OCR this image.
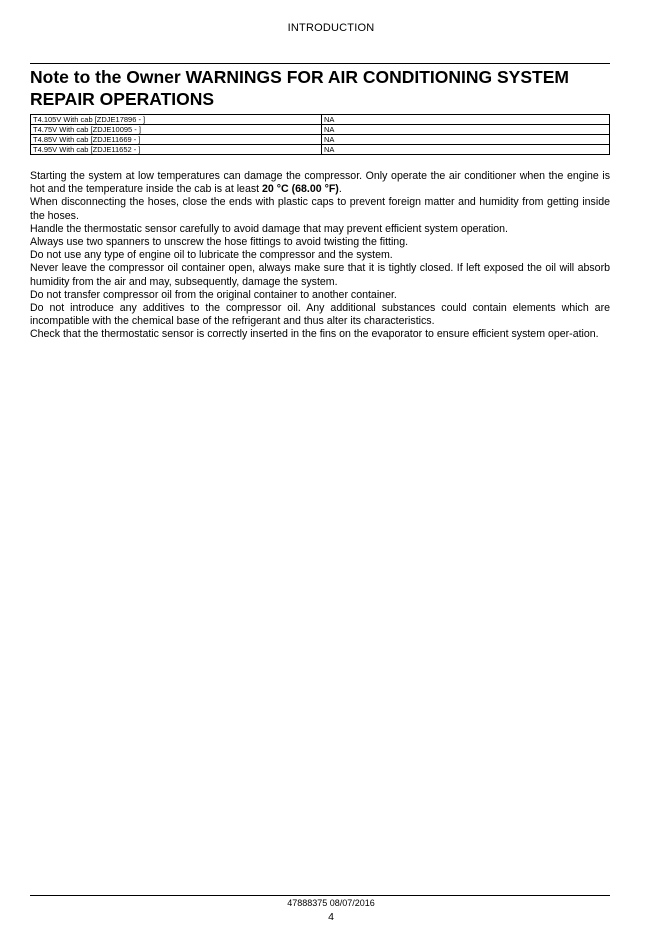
INTRODUCTION
Note to the Owner WARNINGS FOR AIR CONDITIONING SYSTEM REPAIR OPERATIONS
T4.105V With cab [ZDJE17896 - ]	NA
T4.75V With cab [ZDJE10095 - ]	NA
T4.85V With cab [ZDJE11669 - ]	NA
T4.95V With cab [ZDJE11652 - ]	NA

Starting the system at low temperatures can damage the compressor. Only operate the air conditioner when the engine is hot and the temperature inside the cab is at least 20 °C (68.00 °F).

When disconnecting the hoses, close the ends with plastic caps to prevent foreign matter and humidity from getting inside the hoses.

Handle the thermostatic sensor carefully to avoid damage that may prevent efficient system operation.

Always use two spanners to unscrew the hose fittings to avoid twisting the fitting.

Do not use any type of engine oil to lubricate the compressor and the system.

Never leave the compressor oil container open, always make sure that it is tightly closed. If left exposed the oil will absorb humidity from the air and may, subsequently, damage the system.

Do not transfer compressor oil from the original container to another container.

Do not introduce any additives to the compressor oil. Any additional substances could contain elements which are incompatible with the chemical base of the refrigerant and thus alter its characteristics.

Check that the thermostatic sensor is correctly inserted in the fins on the evaporator to ensure efficient system oper-ation.

47888375 08/07/2016
4
